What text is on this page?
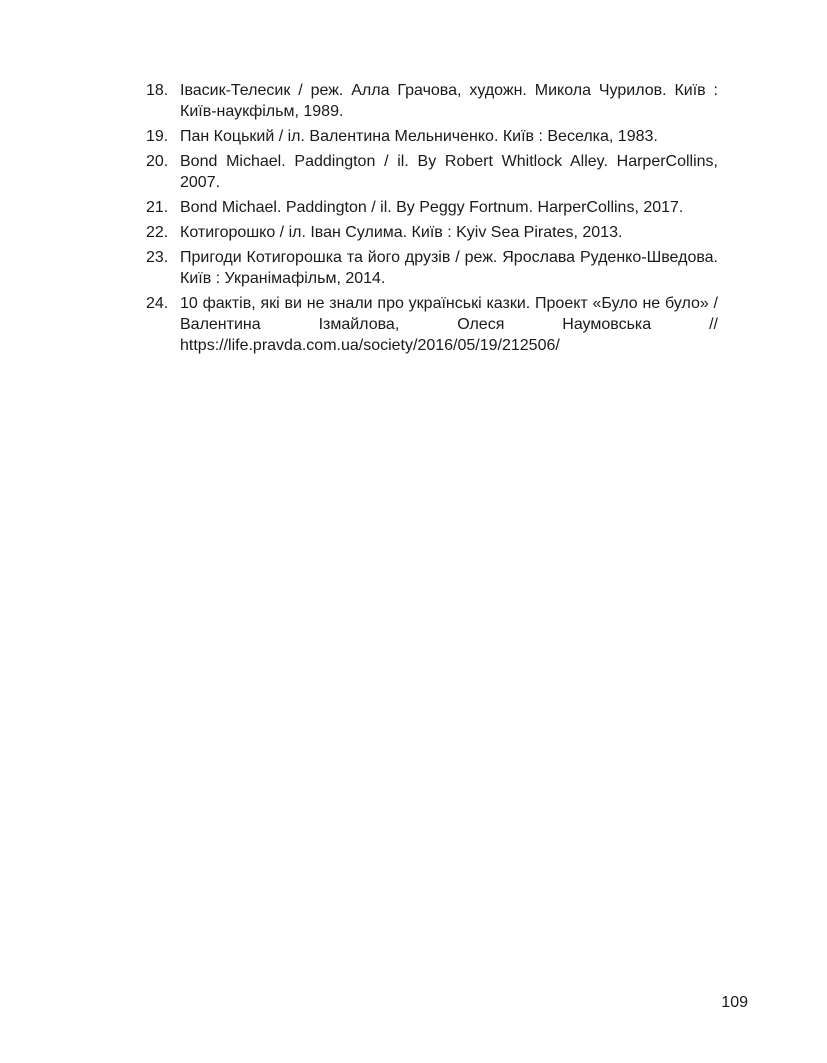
18. Івасик-Телесик / реж. Алла Грачова, художн. Микола Чурилов. Київ : Київ-наукфільм, 1989.
19. Пан Коцький / іл. Валентина Мельниченко. Київ : Веселка, 1983.
20. Bond Michael. Paddington / il. By Robert Whitlock Alley. HarperCollins, 2007.
21. Bond Michael. Paddington / il. By Peggy Fortnum. HarperCollins, 2017.
22. Котигорошко / іл. Іван Сулима. Київ : Kyiv Sea Pirates, 2013.
23. Пригоди Котигорошка та його друзів / реж. Ярослава Руденко-Шведова. Київ : Укранімафільм, 2014.
24. 10 фактів, які ви не знали про українські казки. Проект «Було не було» / Валентина Ізмайлова, Олеся Наумовська // https://life.pravda.com.ua/society/2016/05/19/212506/
109
